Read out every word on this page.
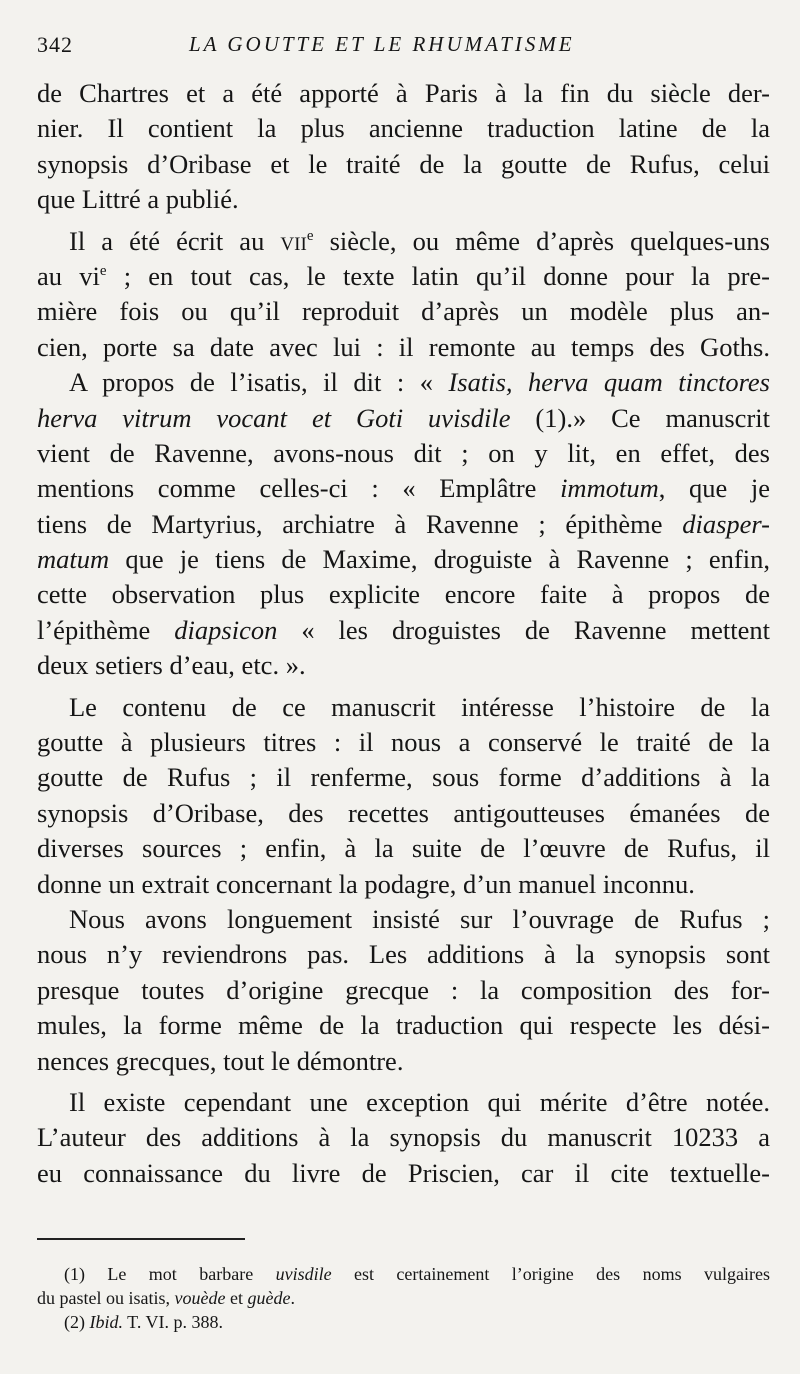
342	LA GOUTTE ET LE RHUMATISME
de Chartres et a été apporté à Paris à la fin du siècle der-
nier. Il contient la plus ancienne traduction latine de la
synopsis d’Oribase et le traité de la goutte de Rufus, celui
que Littré a publié.
Il a été écrit au vii$^e$ siècle, ou même d’après quelques-uns
au $vi^e$ ; en tout cas, le texte latin qu’il donne pour la pre-
mière fois ou qu’il reproduit d’après un modèle plus an-
cien, porte sa date avec lui : il remonte au temps des Goths.
A propos de l’isatis, il dit : « Isatis, herva quam tinctores
herva vitrum vocant et Goti uvisdile (1).» Ce manuscrit
vient de Ravenne, avons-nous dit ; on y lit, en effet, des
mentions comme celles-ci : « Emplâtre immotum, que je
tiens de Martyrius, archiatre à Ravenne ; épithème diasper-
matum que je tiens de Maxime, droguiste à Ravenne ; enfin,
cette observation plus explicite encore faite à propos de
l’épithème diapsicon « les droguistes de Ravenne mettent
deux setiers d’eau, etc. ».
Le contenu de ce manuscrit intéresse l’histoire de la
goutte à plusieurs titres : il nous a conservé le traité de la
goutte de Rufus ; il renferme, sous forme d’additions à la
synopsis d’Oribase, des recettes antigoutteuses émanées de
diverses sources ; enfin, à la suite de l’œuvre de Rufus, il
donne un extrait concernant la podagre, d’un manuel inconnu.
Nous avons longuement insisté sur l’ouvrage de Rufus ;
nous n’y reviendrons pas. Les additions à la synopsis sont
presque toutes d’origine grecque : la composition des for-
mules, la forme même de la traduction qui respecte les dési-
nences grecques, tout le démontre.
Il existe cependant une exception qui mérite d’être notée.
L’auteur des additions à la synopsis du manuscrit 10233 a
eu connaissance du livre de Priscien, car il cite textuelle-
(1) Le mot barbare uvisdile est certainement l’origine des noms vulgaires
du pastel ou isatis, vouède et guède.
(2) Ibid. T. VI. p. 388.
